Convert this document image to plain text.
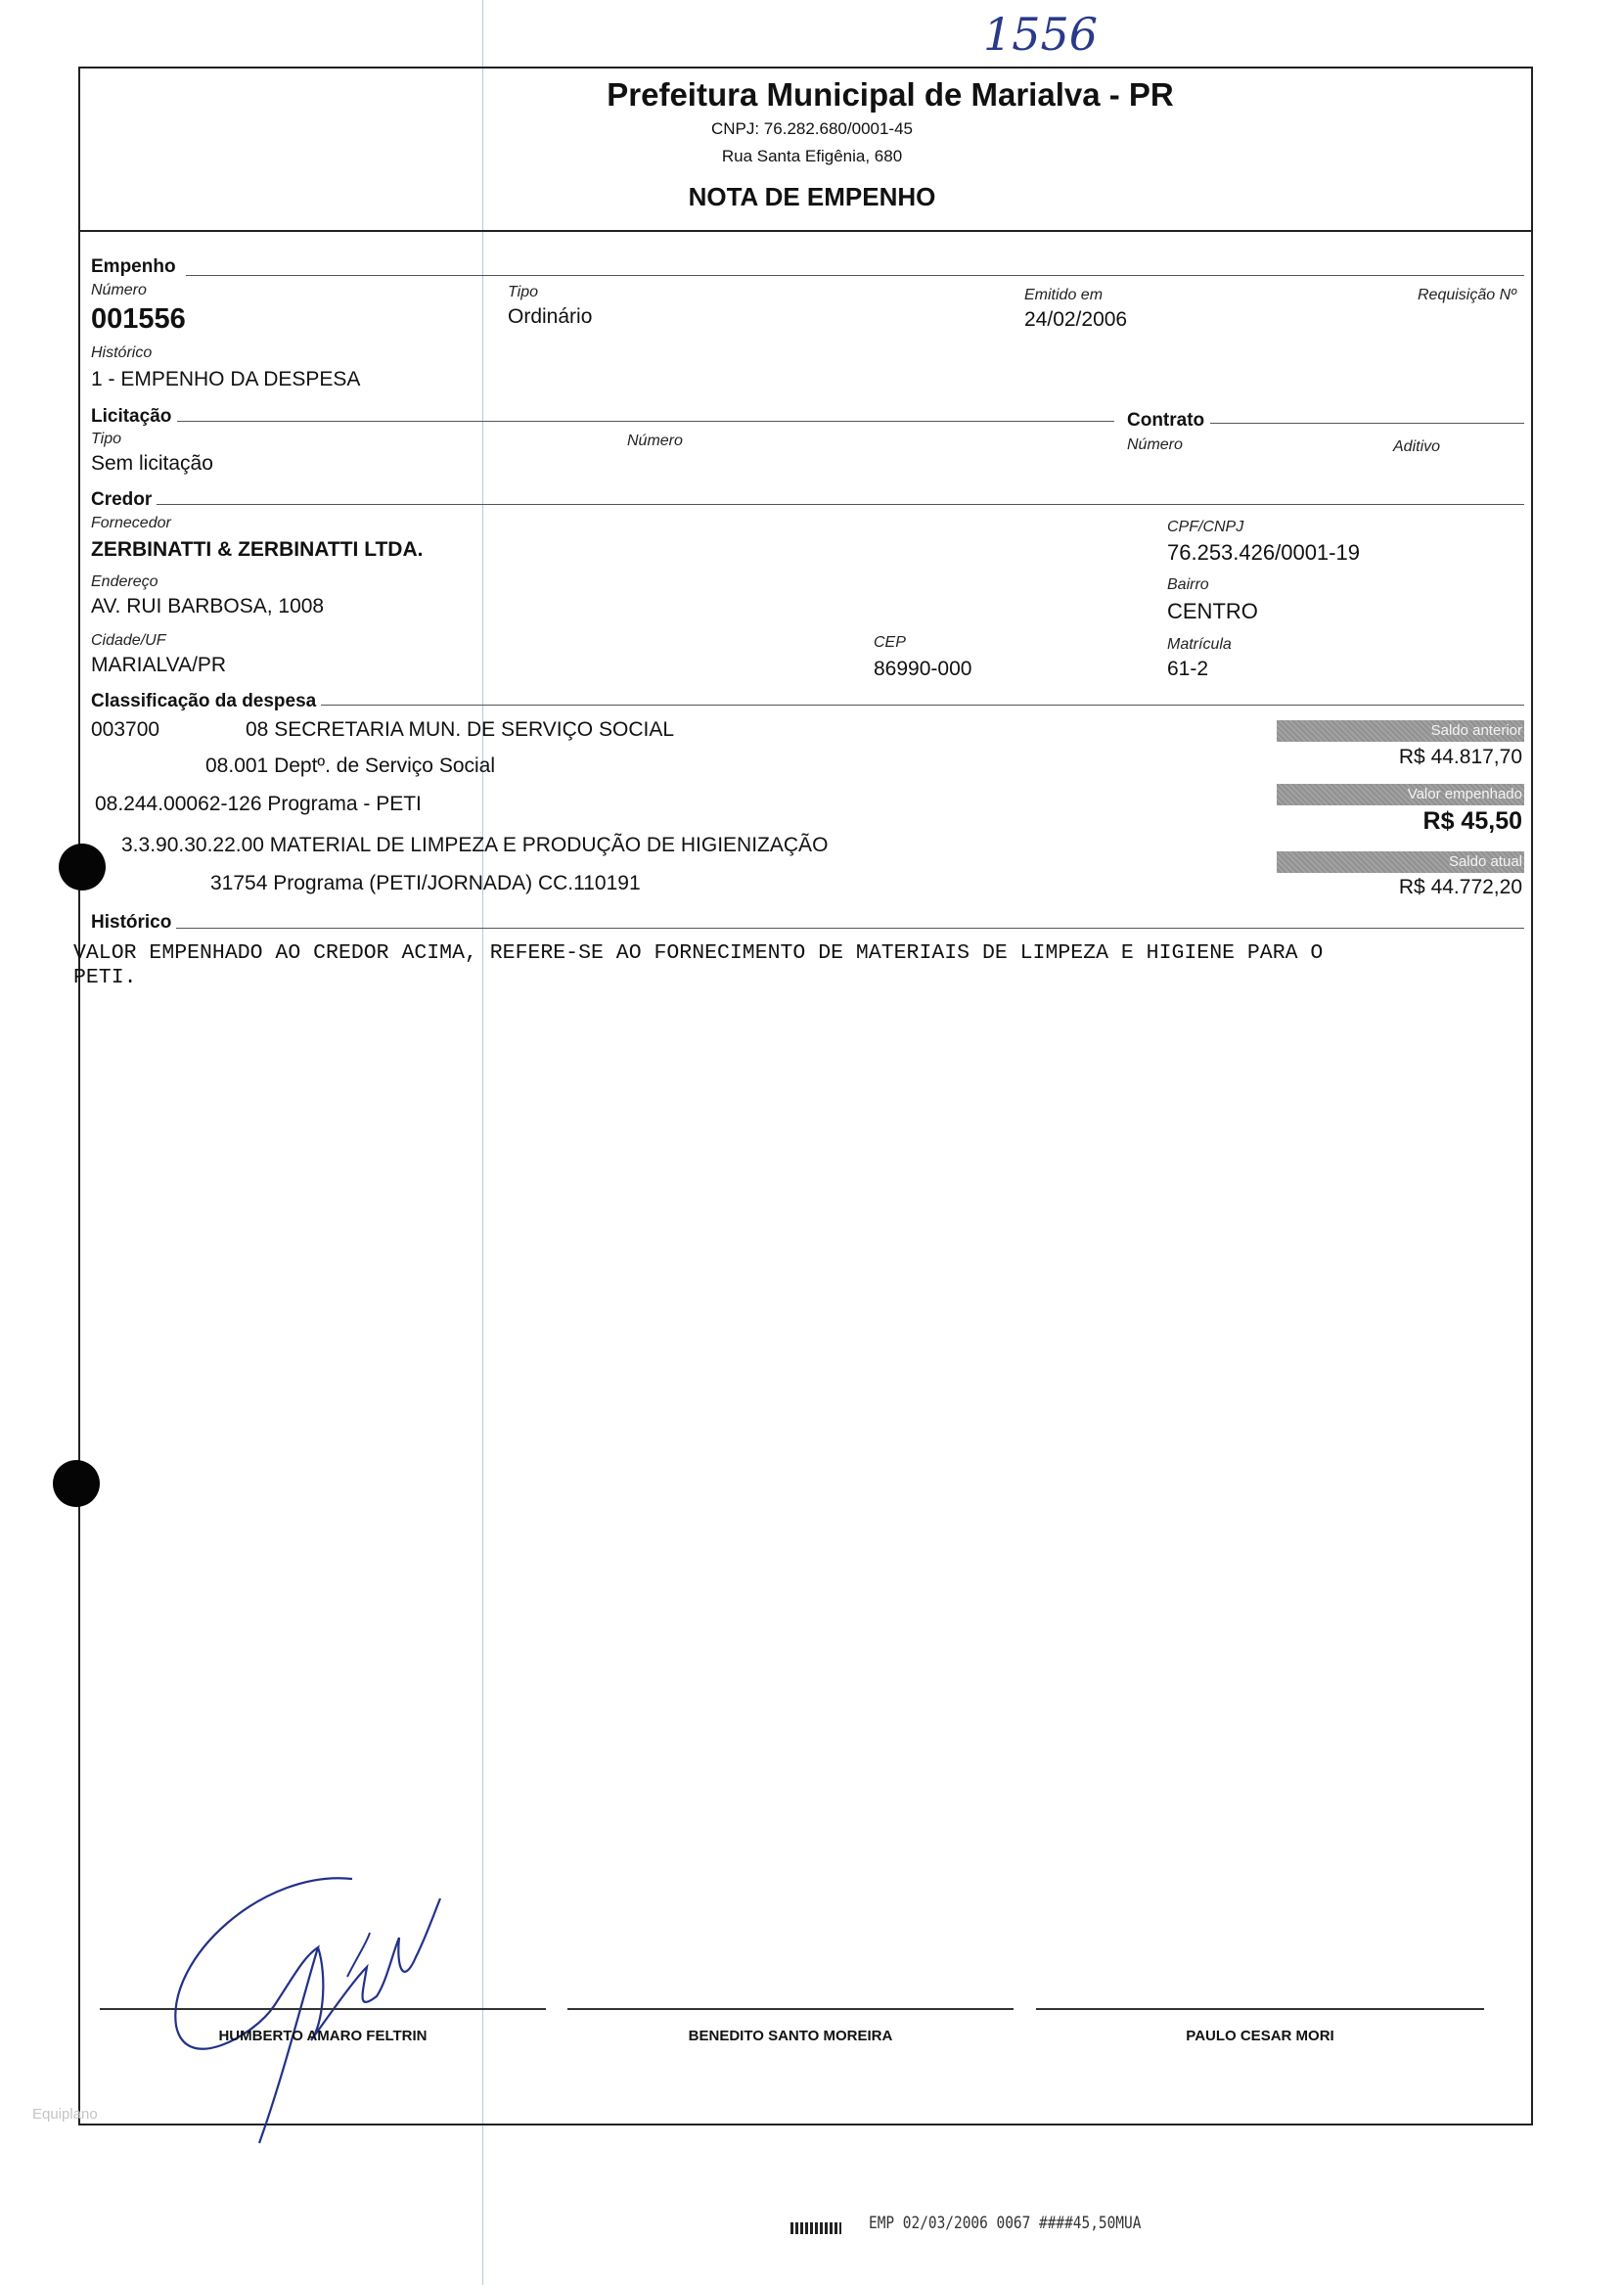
1556
Prefeitura Municipal de Marialva - PR
CNPJ: 76.282.680/0001-45
Rua Santa Efigênia, 680
NOTA DE EMPENHO
Empenho
Número
001556
Tipo
Ordinário
Emitido em
24/02/2006
Requisição Nº
Histórico
1 - EMPENHO DA DESPESA
Licitação	Contrato
Tipo
Sem licitação
Número	Número	Aditivo
Credor
Fornecedor
ZERBINATTI & ZERBINATTI LTDA.
CPF/CNPJ
76.253.426/0001-19
Endereço
AV. RUI BARBOSA, 1008
Bairro
CENTRO
Cidade/UF
MARIALVA/PR
CEP
86990-000
Matrícula
61-2
Classificação da despesa
003700	08 SECRETARIA MUN. DE SERVIÇO SOCIAL
08.001 Deptº. de Serviço Social
08.244.00062-126 Programa - PETI
3.3.90.30.22.00 MATERIAL DE LIMPEZA E PRODUÇÃO DE HIGIENIZAÇÃO
31754 Programa (PETI/JORNADA) CC.110191
Saldo anterior
R$ 44.817,70
Valor empenhado
R$ 45,50
Saldo atual
R$ 44.772,20
Histórico
VALOR EMPENHADO AO CREDOR ACIMA, REFERE-SE AO FORNECIMENTO DE MATERIAIS DE LIMPEZA E HIGIENE PARA O
PETI.
HUMBERTO AMARO FELTRIN	BENEDITO SANTO MOREIRA	PAULO CESAR MORI
Equiplano
EMP 02/03/2006 0067 ####45,50MUA
